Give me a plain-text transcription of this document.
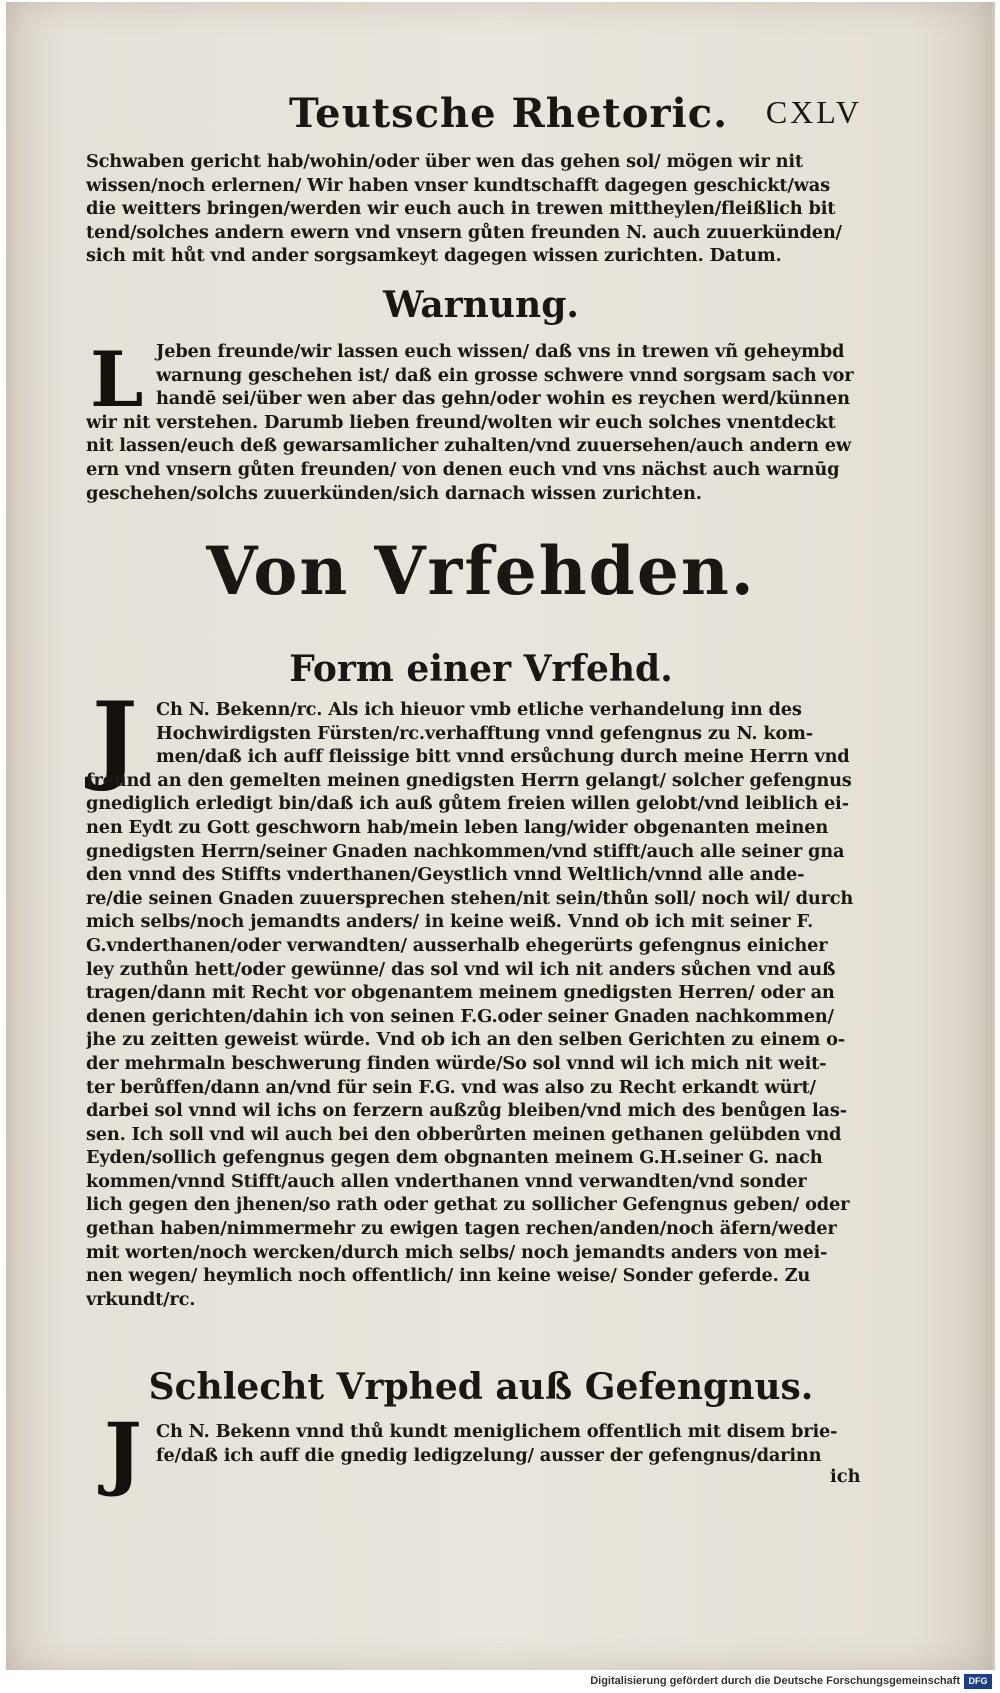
Teutsche Rhetoric. CXLV
Schwaben gericht hab/wohin/oder über wen das gehen sol/ mögen wir nit
wissen/noch erlernen/ Wir haben vnser kundtschafft dagegen geschickt/was
die weitters bringen/werden wir euch auch in trewen mittheylen/fleißlich bit
tend/solches andern ewern vnd vnsern gůten freunden N. auch zuuerkünden/
sich mit hůt vnd ander sorgsamkeyt dagegen wissen zurichten. Datum.
Warnung.
L Jeben freunde/wir lassen euch wissen/ daß vns in trewen vñ geheymbd
warnung geschehen ist/ daß ein grosse schwere vnnd sorgsam sach vor
handē sei/über wen aber das gehn/oder wohin es reychen werd/künnen
wir nit verstehen. Darumb lieben freund/wolten wir euch solches vnentdeckt
nit lassen/euch deß gewarsamlicher zuhalten/vnd zuuersehen/auch andern ew
ern vnd vnsern gůten freunden/ von denen euch vnd vns nächst auch warnūg
geschehen/solchs zuuerkünden/sich darnach wissen zurichten.
Von Vrfehden.
Form einer Vrfehd.
J	Ch N. Bekenn/rc. Als ich hieuor vmb etliche verhandelung inn des
Hochwirdigsten Fürsten/rc.verhafftung vnnd gefengnus zu N. kom-
men/daß ich auff fleissige bitt vnnd ersůchung durch meine Herrn vnd
freund an den gemelten meinen gnedigsten Herrn gelangt/ solcher gefengnus
gnediglich erledigt bin/daß ich auß gůtem freien willen gelobt/vnd leiblich ei-
nen Eydt zu Gott geschworn hab/mein leben lang/wider obgenanten meinen
gnedigsten Herrn/seiner Gnaden nachkommen/vnd stifft/auch alle seiner gna
den vnnd des Stiffts vnderthanen/Geystlich vnnd Weltlich/vnnd alle ande-
re/die seinen Gnaden zuuersprechen stehen/nit sein/thůn soll/ noch wil/ durch
mich selbs/noch jemandts anders/ in keine weiß. Vnnd ob ich mit seiner F.
G.vnderthanen/oder verwandten/ ausserhalb ehegerürts gefengnus einicher
ley zuthůn hett/oder gewünne/ das sol vnd wil ich nit anders sůchen vnd auß
tragen/dann mit Recht vor obgenantem meinem gnedigsten Herren/ oder an
denen gerichten/dahin ich von seinen F.G.oder seiner Gnaden nachkommen/
jhe zu zeitten geweist würde. Vnd ob ich an den selben Gerichten zu einem o-
der mehrmaln beschwerung finden würde/So sol vnnd wil ich mich nit weit-
ter berůffen/dann an/vnd für sein F.G. vnd was also zu Recht erkandt würt/
darbei sol vnnd wil ichs on ferzern außzůg bleiben/vnd mich des benůgen las-
sen. Ich soll vnd wil auch bei den obberůrten meinen gethanen gelübden vnd
Eyden/sollich gefengnus gegen dem obgnanten meinem G.H.seiner G. nach
kommen/vnnd Stifft/auch allen vnderthanen vnnd verwandten/vnd sonder
lich gegen den jhenen/so rath oder gethat zu sollicher Gefengnus geben/ oder
gethan haben/nimmermehr zu ewigen tagen rechen/anden/noch äfern/weder
mit worten/noch wercken/durch mich selbs/ noch jemandts anders von mei-
nen wegen/ heymlich noch offentlich/ inn keine weise/ Sonder geferde. Zu
vrkundt/rc.
Schlecht Vrphed auß Gefengnus.
J Ch N. Bekenn vnnd thů kundt meniglichem offentlich mit disem brie-
fe/daß ich auff die gnedig ledigzelung/ ausser der gefengnus/darinn
ich
Digitalisierung gefördert durch die Deutsche Forschungsgemeinschaft DFG
